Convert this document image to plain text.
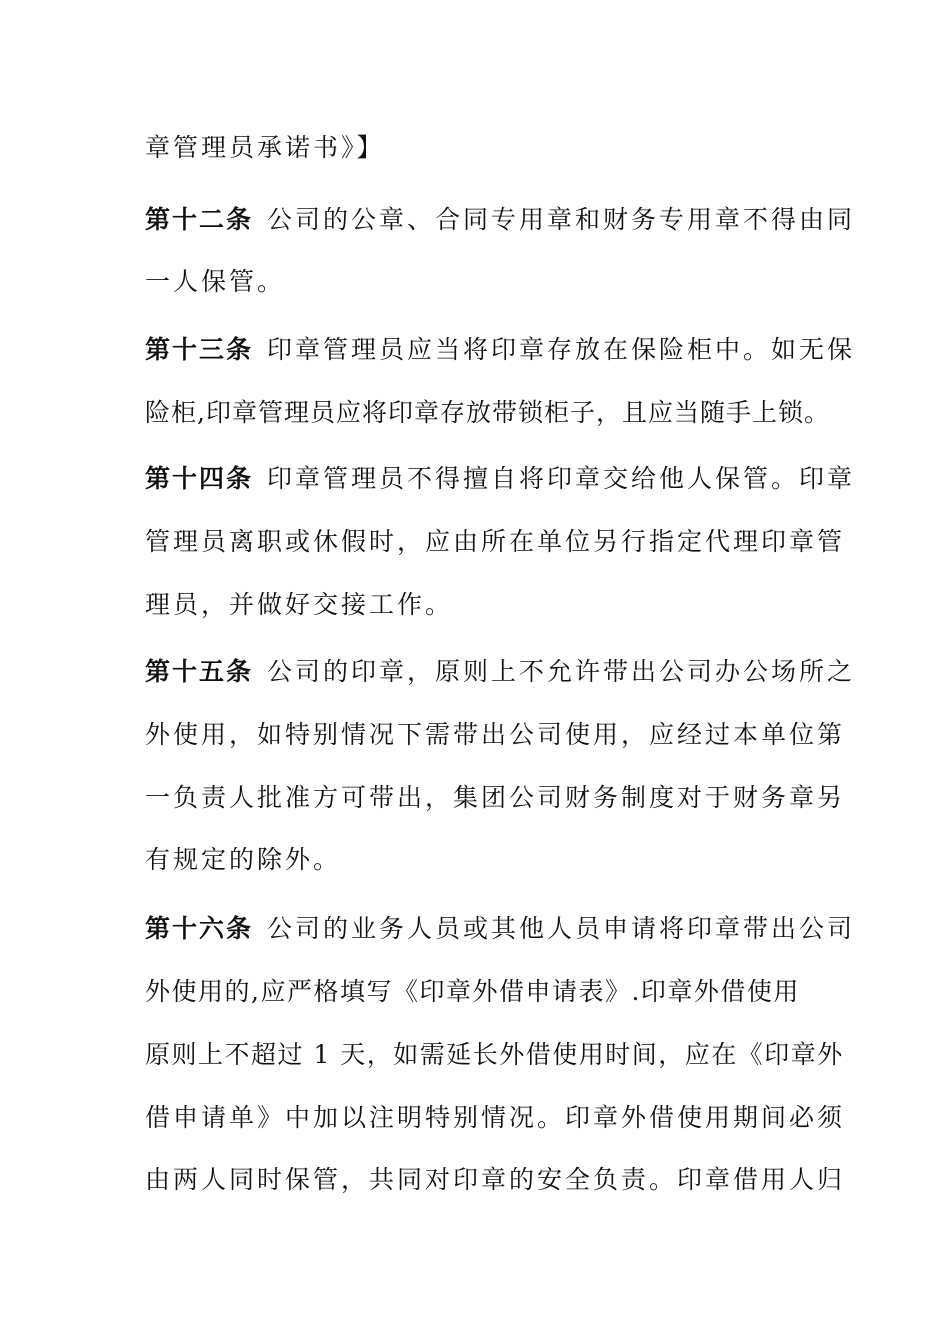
章管理员承诺书》】
第十二条 公司的公章、合同专用章和财务专用章不得由同
一人保管。
第十三条 印章管理员应当将印章存放在保险柜中。如无保
险柜,印章管理员应将印章存放带锁柜子，且应当随手上锁。
第十四条 印章管理员不得擅自将印章交给他人保管。印章
管理员离职或休假时，应由所在单位另行指定代理印章管
理员，并做好交接工作。
第十五条 公司的印章，原则上不允许带出公司办公场所之
外使用，如特别情况下需带出公司使用，应经过本单位第
一负责人批准方可带出，集团公司财务制度对于财务章另
有规定的除外。
第十六条 公司的业务人员或其他人员申请将印章带出公司
外使用的,应严格填写《印章外借申请表》.印章外借使用
原则上不超过 1 天，如需延长外借使用时间，应在《印章外
借申请单》中加以注明特别情况。印章外借使用期间必须
由两人同时保管，共同对印章的安全负责。印章借用人归
